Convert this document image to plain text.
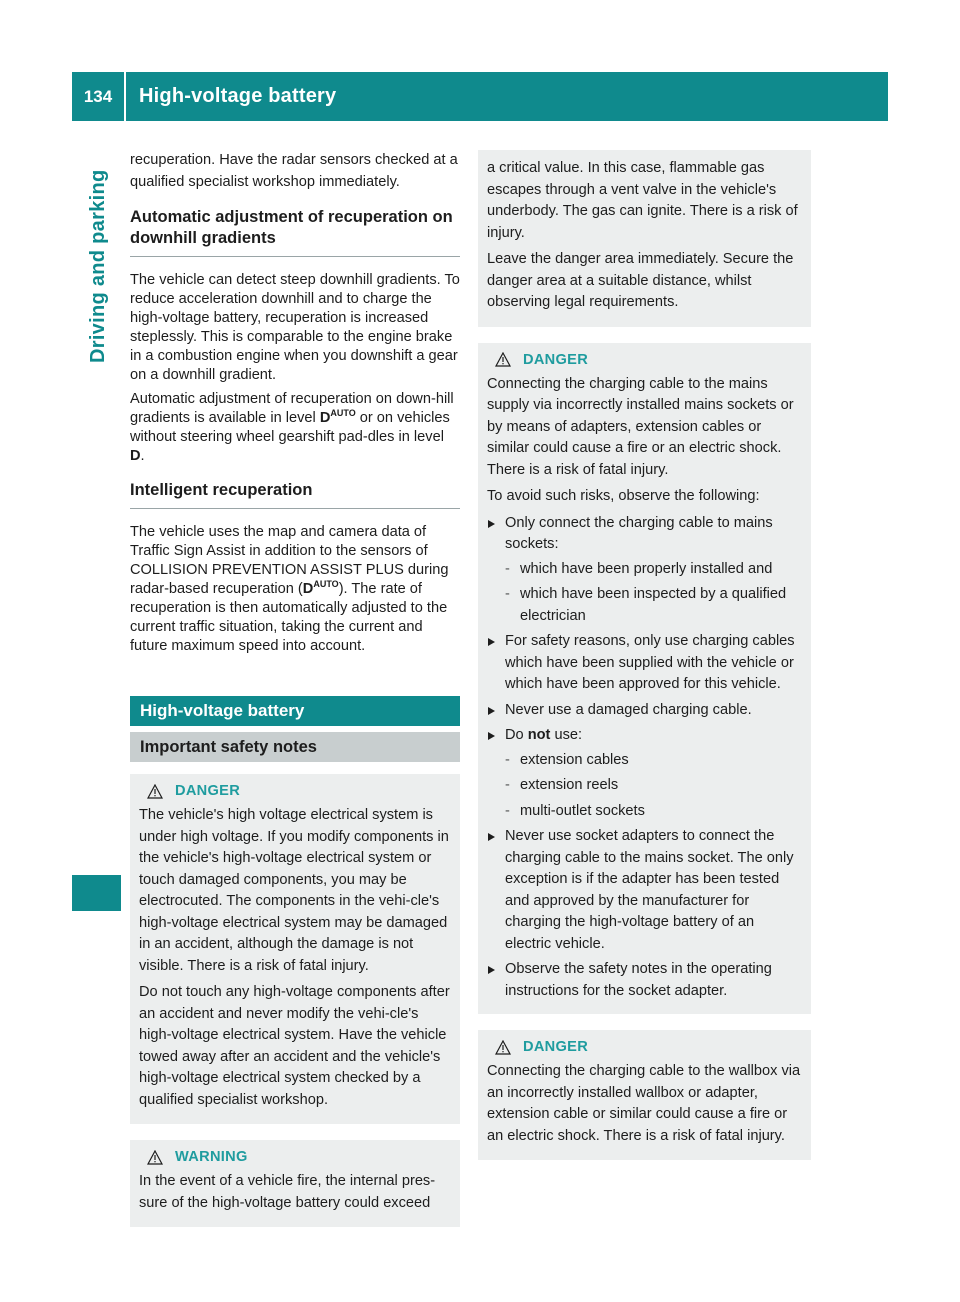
134	High-voltage battery
Driving and parking

recuperation. Have the radar sensors checked at a qualified specialist workshop immediately.

Automatic adjustment of recuperation on downhill gradients

The vehicle can detect steep downhill gradients. To reduce acceleration downhill and to charge the high-voltage battery, recuperation is increased steplessly. This is comparable to the engine brake in a combustion engine when you downshift a gear on a downhill gradient.

Automatic adjustment of recuperation on down-hill gradients is available in level $D^{AUTO}$ or on vehicles without steering wheel gearshift pad-dles in level D.

Intelligent recuperation

The vehicle uses the map and camera data of Traffic Sign Assist in addition to the sensors of COLLISION PREVENTION ASSIST PLUS during radar-based recuperation $(D^{AUTO})$. The rate of recuperation is then automatically adjusted to the current traffic situation, taking the current and future maximum speed into account.

High-voltage battery
Important safety notes
DANGER

The vehicle's high voltage electrical system is under high voltage. If you modify components in the vehicle's high-voltage electrical system or touch damaged components, you may be electrocuted. The components in the vehi-cle's high-voltage electrical system may be damaged in an accident, although the damage is not visible. There is a risk of fatal injury.

Do not touch any high-voltage components after an accident and never modify the vehi-cle's high-voltage electrical system. Have the vehicle towed away after an accident and the vehicle's high-voltage electrical system checked by a qualified specialist workshop.

WARNING

In the event of a vehicle fire, the internal pres-sure of the high-voltage battery could exceed

a critical value. In this case, flammable gas escapes through a vent valve in the vehicle's underbody. The gas can ignite. There is a risk of injury.

Leave the danger area immediately. Secure the danger area at a suitable distance, whilst observing legal requirements.

DANGER

Connecting the charging cable to the mains supply via incorrectly installed mains sockets or by means of adapters, extension cables or similar could cause a fire or an electric shock. There is a risk of fatal injury.

To avoid such risks, observe the following:

Only connect the charging cable to mains sockets:
- which have been properly installed and
- which have been inspected by a qualified electrician
For safety reasons, only use charging cables which have been supplied with the vehicle or which have been approved for this vehicle.
Never use a damaged charging cable.
Do not use:
- extension cables
- extension reels
- multi-outlet sockets
Never use socket adapters to connect the charging cable to the mains socket. The only exception is if the adapter has been tested and approved by the manufacturer for charging the high-voltage battery of an electric vehicle.
Observe the safety notes in the operating instructions for the socket adapter.
DANGER

Connecting the charging cable to the wallbox via an incorrectly installed wallbox or adapter, extension cable or similar could cause a fire or an electric shock. There is a risk of fatal injury.
